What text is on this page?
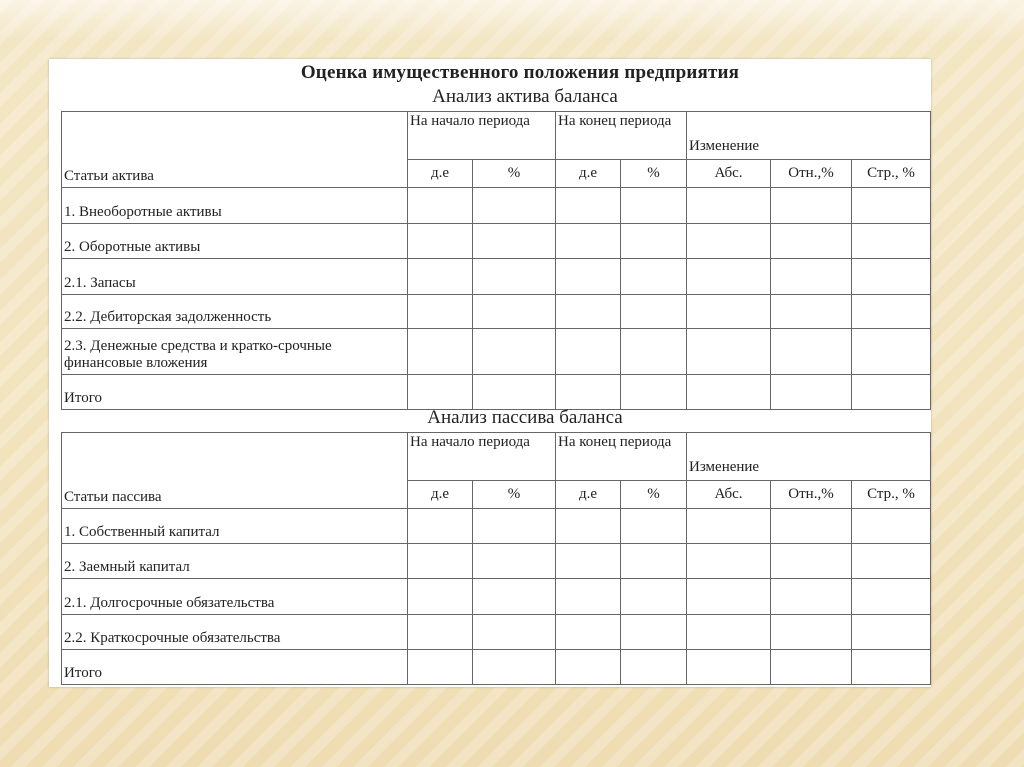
Оценка имущественного положения предприятия
Анализ актива баланса
Статьи актива	На начало периода		На конец периода		Изменение		
	д.е	%	д.е	%	Абс.	Отн.,%	Стр., %
1. Внеоборотные активы							
2. Оборотные активы							
2.1. Запасы							
2.2. Дебиторская задолженность							
2.3. Денежные средства и кратко-срочные финансовые вложения							
Итого							
Анализ пассива баланса
Статьи пассива	На начало периода		На конец периода		Изменение		
	д.е	%	д.е	%	Абс.	Отн.,%	Стр., %
1. Собственный капитал							
2. Заемный капитал							
2.1. Долгосрочные обязательства							
2.2. Краткосрочные обязательства							
Итого							
